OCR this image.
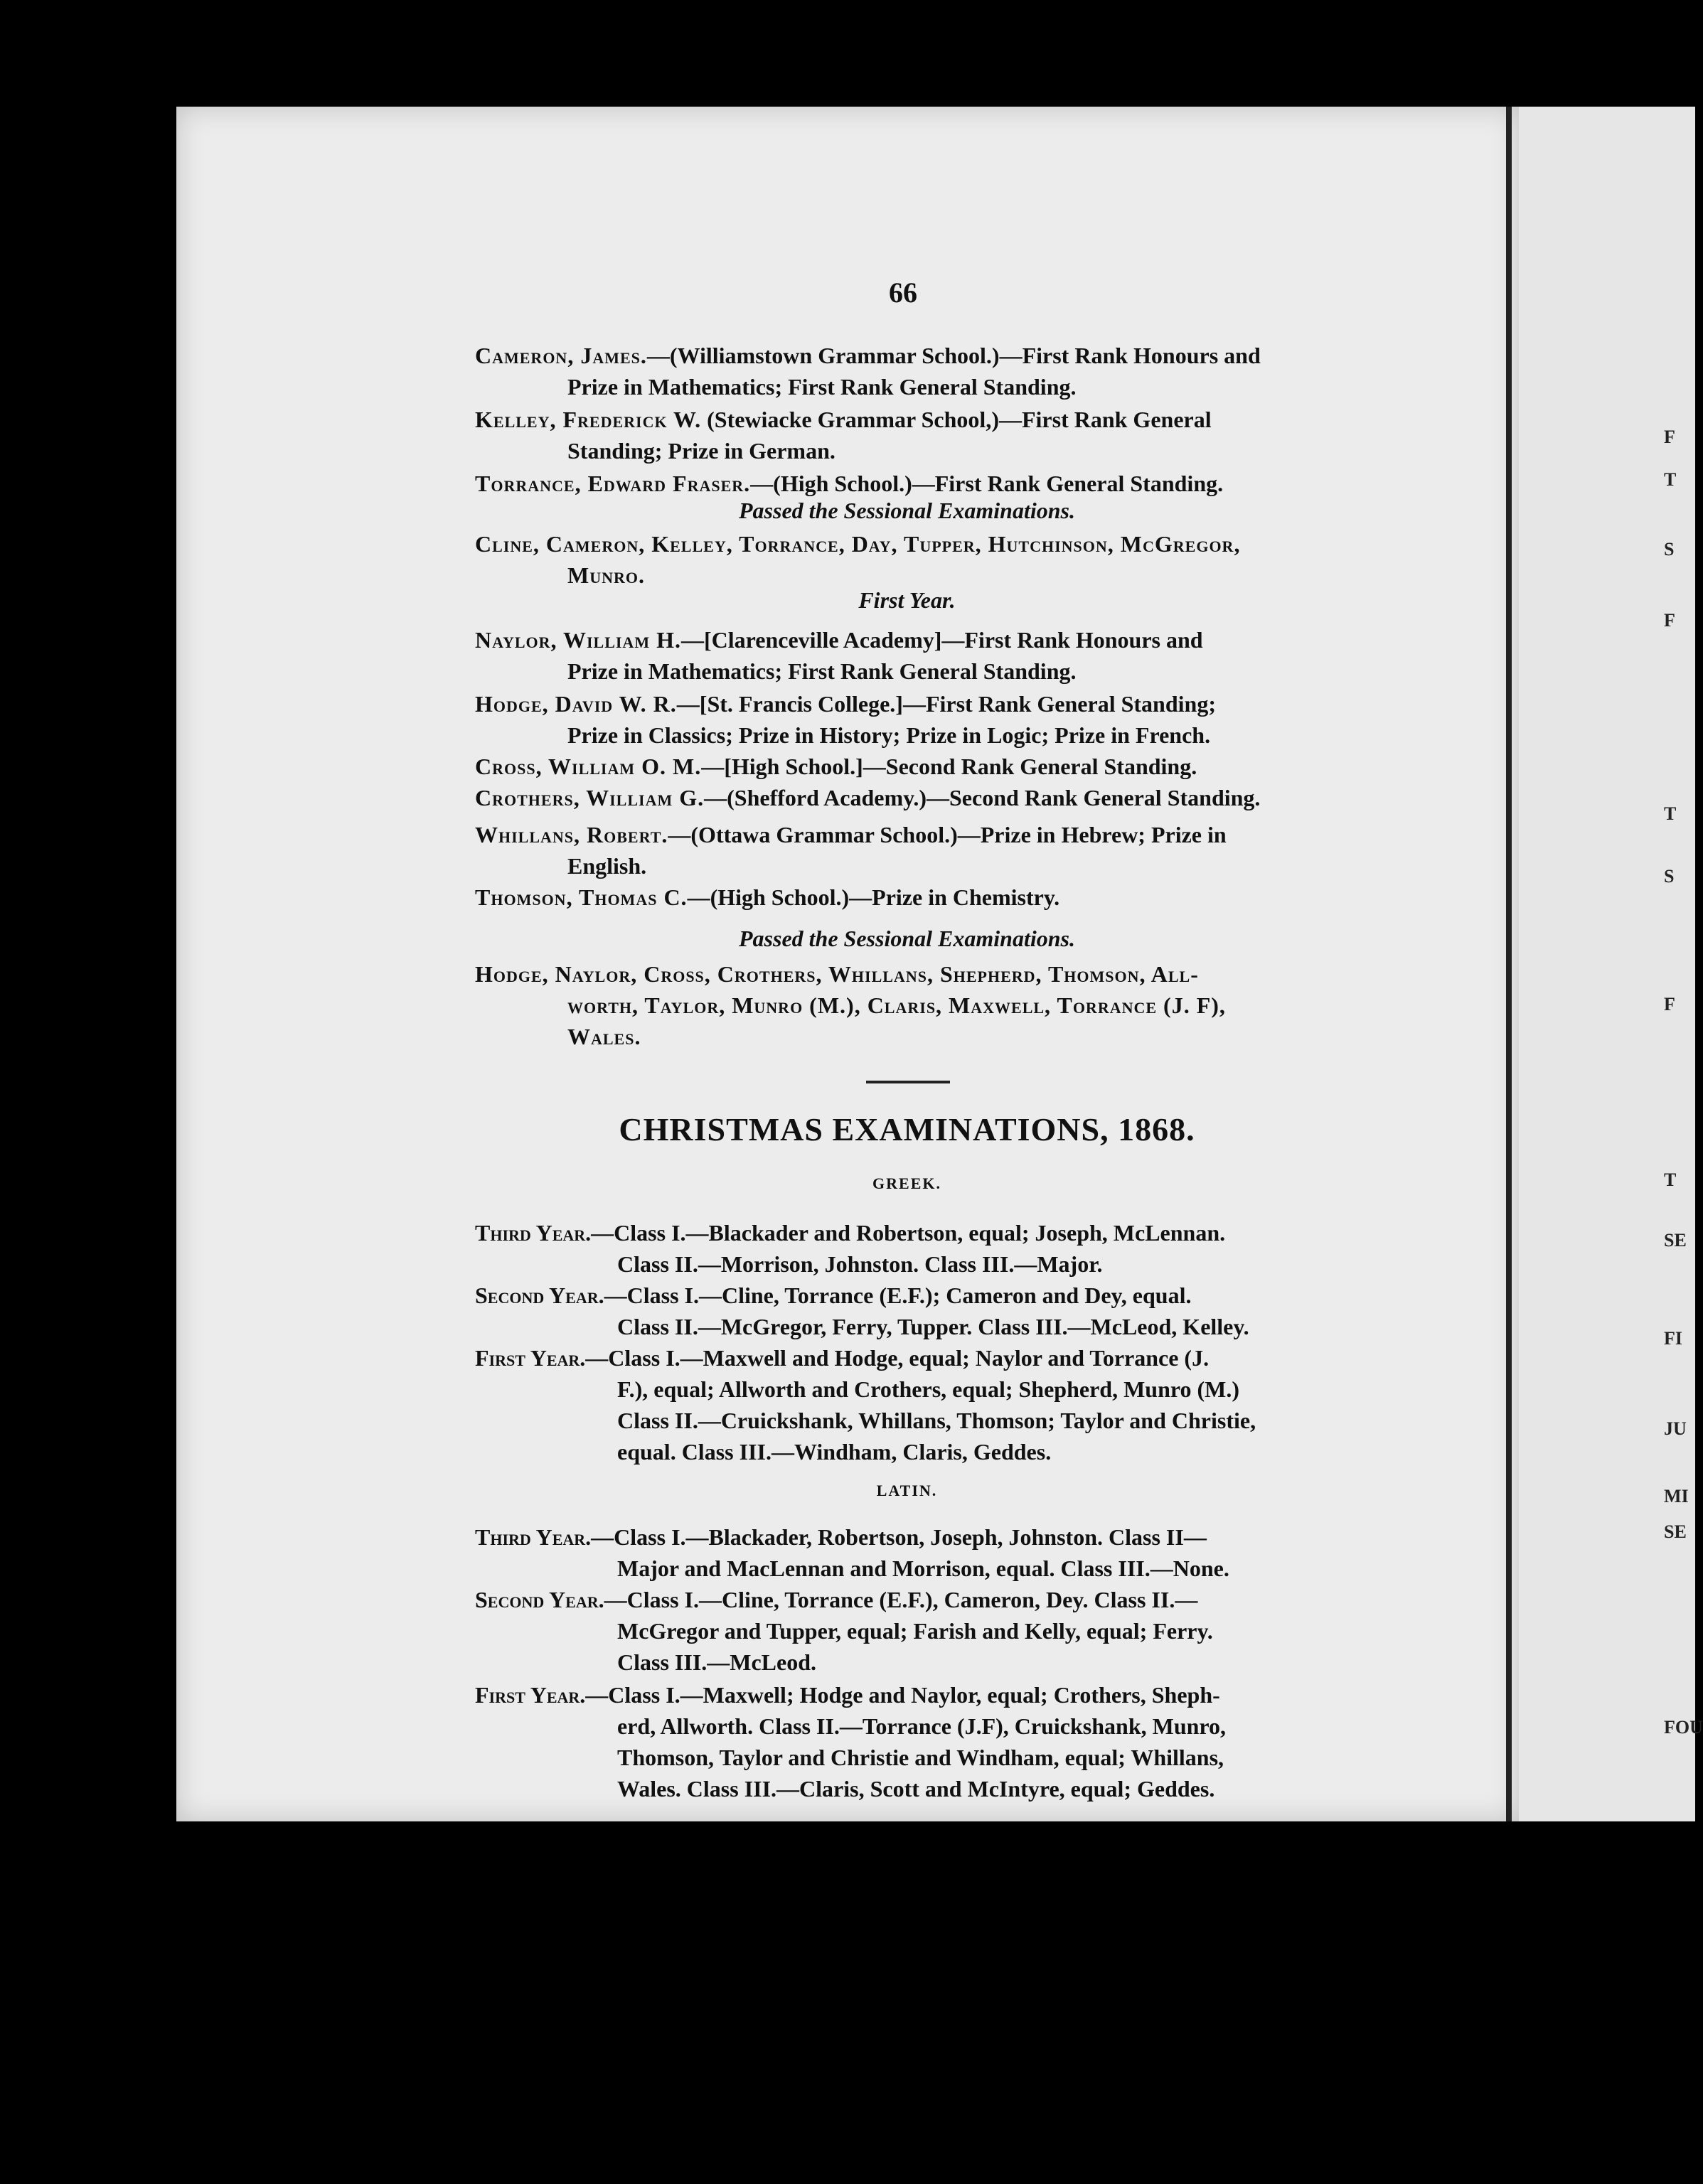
F
T
S
F
T
S
F
T
SE
FI
JU
MI
SE
FOU
66
Cameron, James.—(Williamstown Grammar School.)—First Rank Honours and
Prize in Mathematics; First Rank General Standing.
Kelley, Frederick W. (Stewiacke Grammar School,)—First Rank General
Standing; Prize in German.
Torrance, Edward Fraser.—(High School.)—First Rank General Standing.
Passed the Sessional Examinations.
Cline, Cameron, Kelley, Torrance, Day, Tupper, Hutchinson, McGregor,
Munro.
First Year.
Naylor, William H.—[Clarenceville Academy]—First Rank Honours and
Prize in Mathematics; First Rank General Standing.
Hodge, David W. R.—[St. Francis College.]—First Rank General Standing;
Prize in Classics; Prize in History; Prize in Logic; Prize in French.
Cross, William O. M.—[High School.]—Second Rank General Standing.
Crothers, William G.—(Shefford Academy.)—Second Rank General Standing.
Whillans, Robert.—(Ottawa Grammar School.)—Prize in Hebrew; Prize in
English.
Thomson, Thomas C.—(High School.)—Prize in Chemistry.
Passed the Sessional Examinations.
Hodge, Naylor, Cross, Crothers, Whillans, Shepherd, Thomson, All-
worth, Taylor, Munro (M.), Claris, Maxwell, Torrance (J. F),
Wales.
CHRISTMAS EXAMINATIONS, 1868.
GREEK.
Third Year.—Class I.—Blackader and Robertson, equal; Joseph, McLennan.
Class II.—Morrison, Johnston. Class III.—Major.
Second Year.—Class I.—Cline, Torrance (E.F.); Cameron and Dey, equal.
Class II.—McGregor, Ferry, Tupper. Class III.—McLeod, Kelley.
First Year.—Class I.—Maxwell and Hodge, equal; Naylor and Torrance (J.
F.), equal; Allworth and Crothers, equal; Shepherd, Munro (M.)
Class II.—Cruickshank, Whillans, Thomson; Taylor and Christie,
equal. Class III.—Windham, Claris, Geddes.
LATIN.
Third Year.—Class I.—Blackader, Robertson, Joseph, Johnston. Class II—
Major and MacLennan and Morrison, equal. Class III.—None.
Second Year.—Class I.—Cline, Torrance (E.F.), Cameron, Dey. Class II.—
McGregor and Tupper, equal; Farish and Kelly, equal; Ferry.
Class III.—McLeod.
First Year.—Class I.—Maxwell; Hodge and Naylor, equal; Crothers, Sheph-
erd, Allworth. Class II.—Torrance (J.F), Cruickshank, Munro,
Thomson, Taylor and Christie and Windham, equal; Whillans,
Wales. Class III.—Claris, Scott and McIntyre, equal; Geddes.
